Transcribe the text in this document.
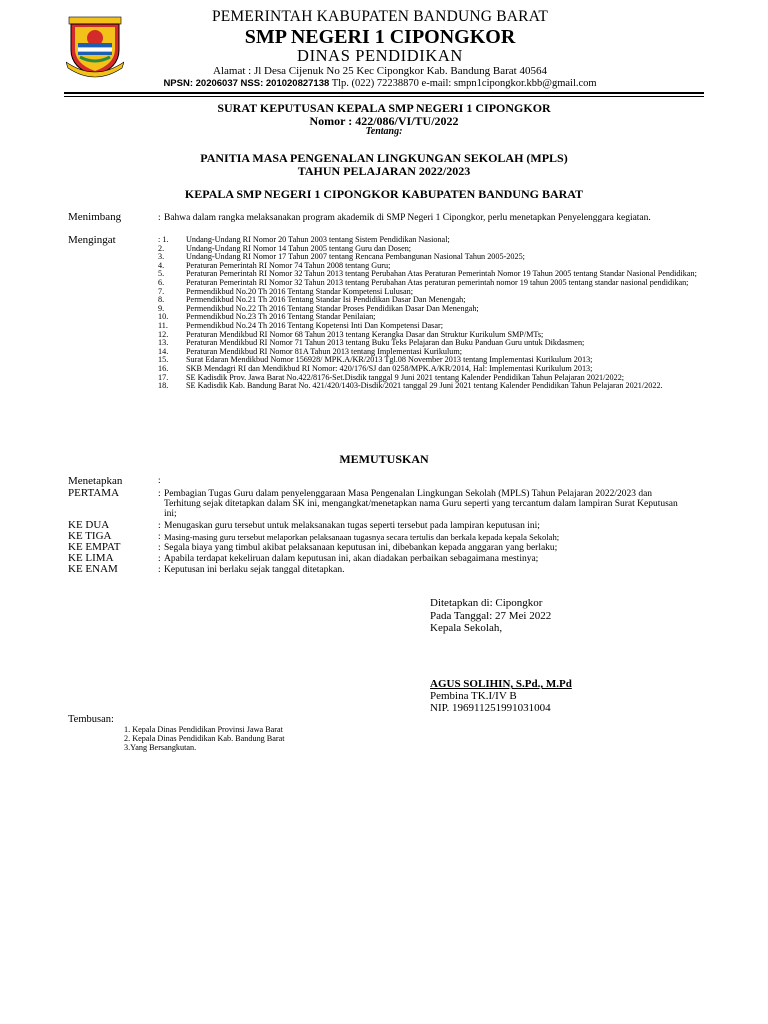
PEMERINTAH KABUPATEN BANDUNG BARAT
SMP NEGERI 1 CIPONGKOR
DINAS PENDIDIKAN
Alamat : Jl Desa Cijenuk No 25 Kec Cipongkor Kab. Bandung Barat 40564
NPSN: 20206037 NSS: 201020827138 Tlp. (022) 72238870 e-mail: smpn1cipongkor.kbb@gmail.com
SURAT KEPUTUSAN KEPALA SMP NEGERI 1 CIPONGKOR
Nomor : 422/086/VI/TU/2022
Tentang:
PANITIA MASA PENGENALAN LINGKUNGAN SEKOLAH (MPLS)
TAHUN PELAJARAN 2022/2023
KEPALA SMP NEGERI 1 CIPONGKOR KABUPATEN BANDUNG BARAT
Menimbang	: Bahwa dalam rangka melaksanakan program akademik di SMP Negeri 1 Cipongkor, perlu menetapkan Penyelenggara kegiatan.
Mengingat	: 1.	Undang-Undang RI Nomor 20 Tahun 2003 tentang Sistem Pendidikan Nasional;
2.	Undang-Undang RI Nomor 14 Tahun 2005 tentang Guru dan Dosen;
3.	Undang-Undang RI Nomor 17 Tahun 2007 tentang Rencana Pembangunan Nasional Tahun 2005-2025;
4.	Peraturan Pemerintah RI Nomor 74 Tahun 2008 tentang Guru;
5.	Peraturan Pemerintah RI Nomor 32 Tahun 2013 tentang Perubahan Atas Peraturan Pemerintah Nomor 19 Tahun 2005 tentang Standar Nasional Pendidikan;
6.	Peraturan Pemerintah RI Nomor 32 Tahun 2013 tentang Perubahan Atas peraturan pemerintah nomor 19 tahun 2005 tentang standar nasional pendidikan;
7.	Permendikbud No.20 Th 2016 Tentang Standar Kompetensi Lulusan;
8.	Permendikbud No.21 Th 2016 Tentang Standar Isi Pendidikan Dasar Dan Menengah;
9.	Permendikbud No.22 Th 2016 Tentang Standar Proses Pendidikan Dasar Dan Menengah;
10.	Permendikbud No.23 Th 2016 Tentang Standar Penilaian;
11.	Permendikbud No.24 Th 2016 Tentang Kopetensi Inti Dan Kompetensi Dasar;
12.	Peraturan Mendikbud RI Nomor 68 Tahun 2013 tentang Kerangka Dasar dan Struktur Kurikulum SMP/MTs;
13.	Peraturan Mendikbud RI Nomor 71 Tahun 2013 tentang Buku Teks Pelajaran dan Buku Panduan Guru untuk Dikdasmen;
14.	Peraturan Mendikbud RI Nomor 81A Tahun 2013 tentang Implementasi Kurikulum;
15.	Surat Edaran Mendikbud Nomor 156928/ MPK.A/KR/2013 Tgl.08 November 2013 tentang Implementasi Kurikulum 2013;
16.	SKB Mendagri RI dan Mendikbud RI Nomor: 420/176/SJ dan 0258/MPK.A/KR/2014, Hal: Implementasi Kurikulum 2013;
17.	SE Kadisdik Prov. Jawa Barat No.422/8176-Set.Disdik tanggal 9 Juni 2021 tentang Kalender Pendidikan Tahun Pelajaran 2021/2022;
18.	SE Kadisdik Kab. Bandung Barat No. 421/420/1403-Disdik/2021 tanggal 29 Juni 2021 tentang Kalender Pendidikan Tahun Pelajaran 2021/2022.
MEMUTUSKAN
Menetapkan	:
PERTAMA	: Pembagian Tugas Guru dalam penyelenggaraan Masa Pengenalan Lingkungan Sekolah (MPLS) Tahun Pelajaran 2022/2023 dan Terhitung sejak ditetapkan dalam SK ini, mengangkat/menetapkan nama Guru seperti yang tercantum dalam lampiran Surat Keputusan ini;
KE DUA	: Menugaskan guru tersebut untuk melaksanakan tugas seperti tersebut pada lampiran keputusan ini;
KE TIGA	: Masing-masing guru tersebut melaporkan pelaksanaan tugasnya secara tertulis dan berkala kepada kepala Sekolah;
KE EMPAT	: Segala biaya yang timbul akibat pelaksanaan keputusan ini, dibebankan kepada anggaran yang berlaku;
KE LIMA	: Apabila terdapat kekeliruan dalam keputusan ini, akan diadakan perbaikan sebagaimana mestinya;
KE ENAM	: Keputusan ini berlaku sejak tanggal ditetapkan.
Ditetapkan di: Cipongkor
Pada Tanggal: 27 Mei 2022
Kepala Sekolah,
AGUS SOLIHIN, S.Pd., M.Pd
Pembina TK.I/IV B
NIP. 196911251991031004
Tembusan:
1. Kepala Dinas Pendidikan Provinsi Jawa Barat
2. Kepala Dinas Pendidikan Kab. Bandung Barat
3.Yang Bersangkutan.
